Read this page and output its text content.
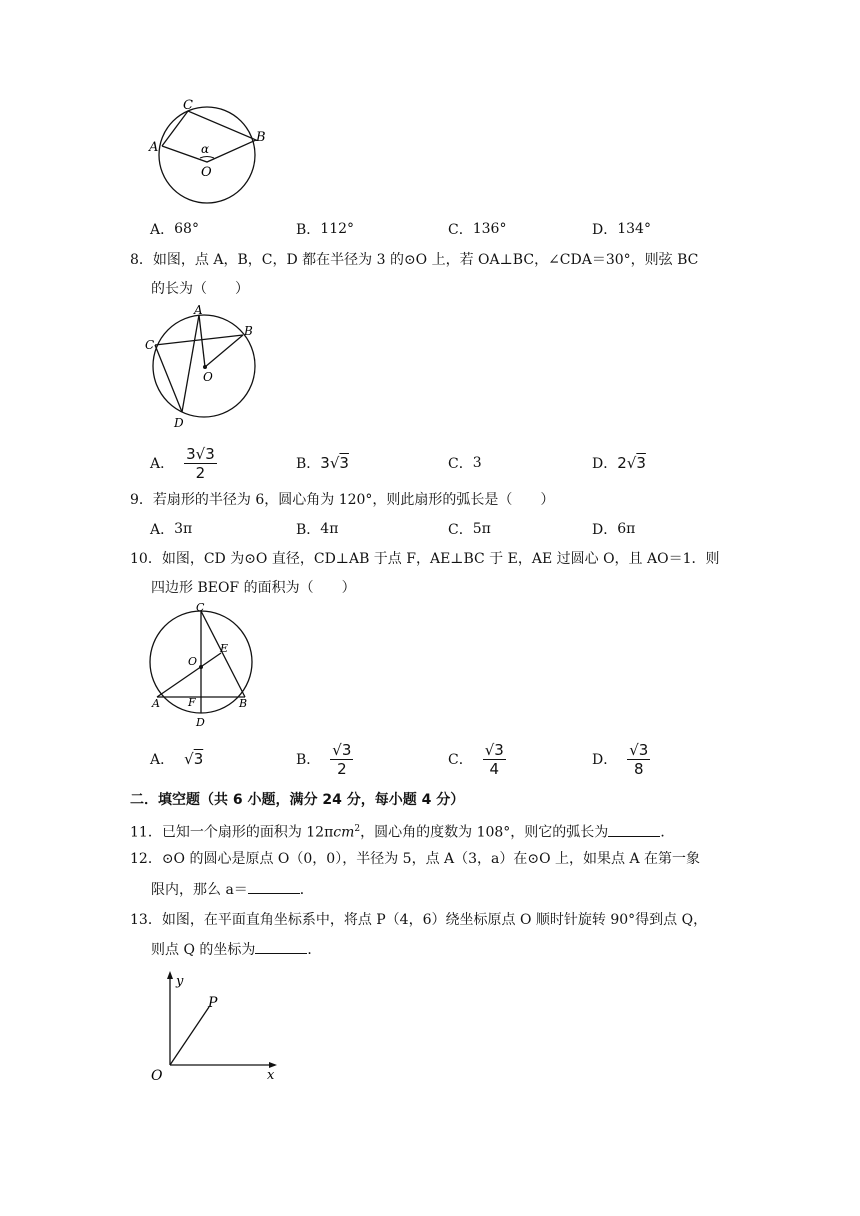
C
A
B
α
O
A． 68°	B． 112°	C． 136°	D． 134°
8．如图，点 A，B，C，D 都在半径为 3 的⊙O 上，若 OA⊥BC，∠CDA＝30°，则弦 BC
的长为（　　）
A
B
C
O
D
A． $\frac{3√3}{2}$	B． 3√3	C． 3	D． 2√3
9．若扇形的半径为 6，圆心角为 120°，则此扇形的弧长是（　　）
A． 3π	B． 4π	C． 5π	D． 6π
10．如图，CD 为⊙O 直径，CD⊥AB 于点 F，AE⊥BC 于 E，AE 过圆心 O，且 AO＝1．则
四边形 BEOF 的面积为（　　）
C
E
O
A	F	B
D
A． √3	B． $\frac{√3}{2}$	C． $\frac{√3}{4}$	D． $\frac{√3}{8}$
二．填空题（共 6 小题，满分 24 分，每小题 4 分）
11．已知一个扇形的面积为 12πcm$^2$，圆心角的度数为 108°，则它的弧长为	．
12．⊙O 的圆心是原点 O（0，0），半径为 5，点 A（3，a）在⊙O 上，如果点 A 在第一象
限内，那么 a＝	．
13．如图，在平面直角坐标系中，将点 P（4，6）绕坐标原点 O 顺时针旋转 90°得到点 Q，
则点 Q 的坐标为	．
y
P
O	x
